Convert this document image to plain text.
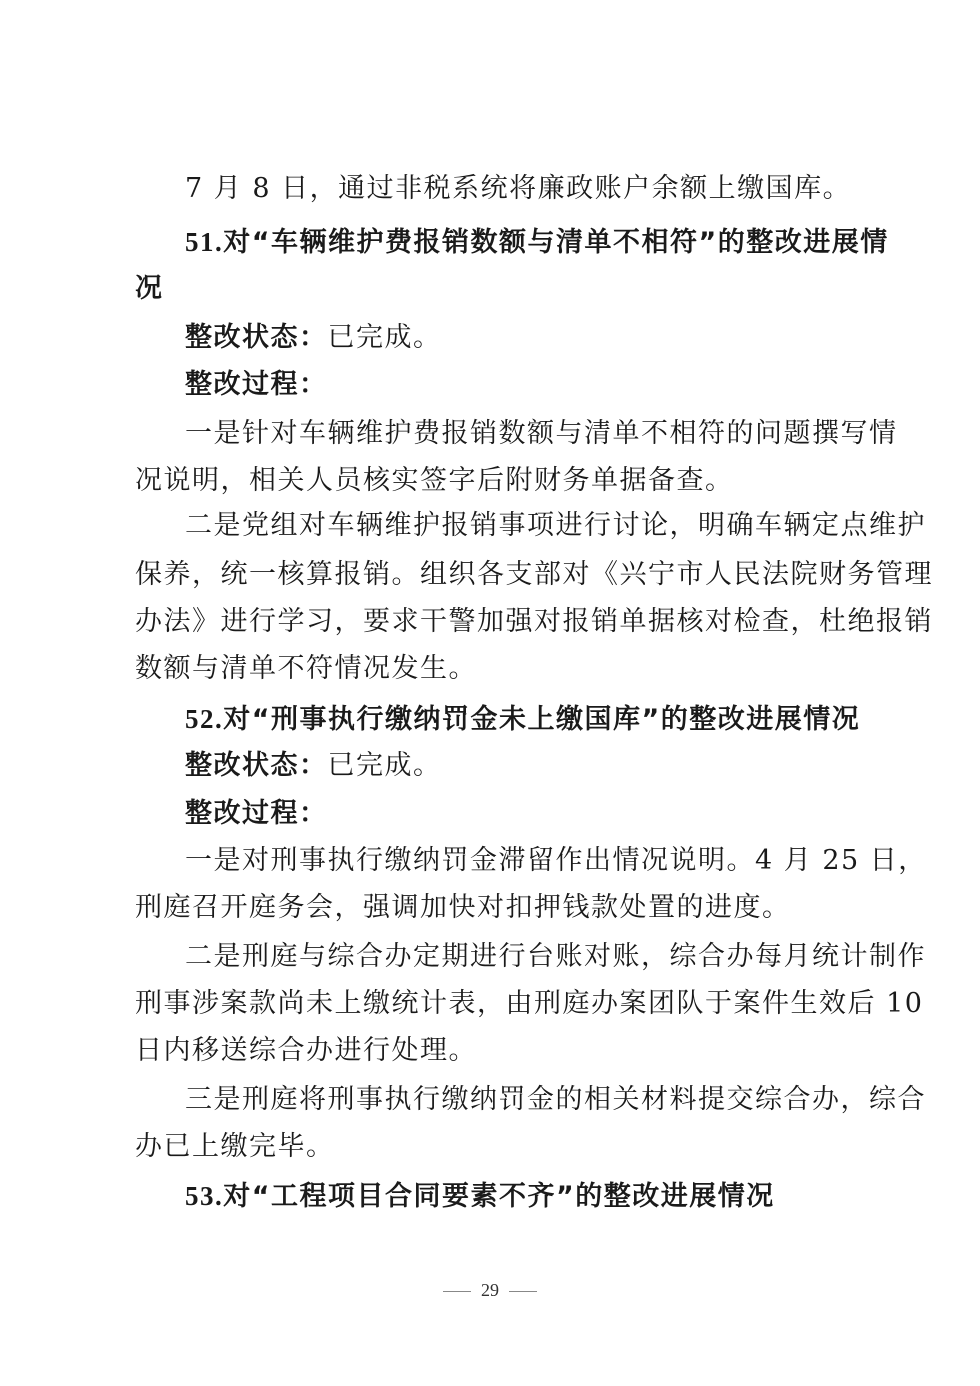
7 月 8 日，通过非税系统将廉政账户余额上缴国库。
51.对“车辆维护费报销数额与清单不相符”的整改进展情
况
整改状态：已完成。
整改过程：
一是针对车辆维护费报销数额与清单不相符的问题撰写情
况说明，相关人员核实签字后附财务单据备查。
二是党组对车辆维护报销事项进行讨论，明确车辆定点维护
保养，统一核算报销。组织各支部对《兴宁市人民法院财务管理
办法》进行学习，要求干警加强对报销单据核对检查，杜绝报销
数额与清单不符情况发生。
52.对“刑事执行缴纳罚金未上缴国库”的整改进展情况
整改状态：已完成。
整改过程：
一是对刑事执行缴纳罚金滞留作出情况说明。4 月 25 日，
刑庭召开庭务会，强调加快对扣押钱款处置的进度。
二是刑庭与综合办定期进行台账对账，综合办每月统计制作
刑事涉案款尚未上缴统计表，由刑庭办案团队于案件生效后 10
日内移送综合办进行处理。
三是刑庭将刑事执行缴纳罚金的相关材料提交综合办，综合
办已上缴完毕。
53.对“工程项目合同要素不齐”的整改进展情况
29
